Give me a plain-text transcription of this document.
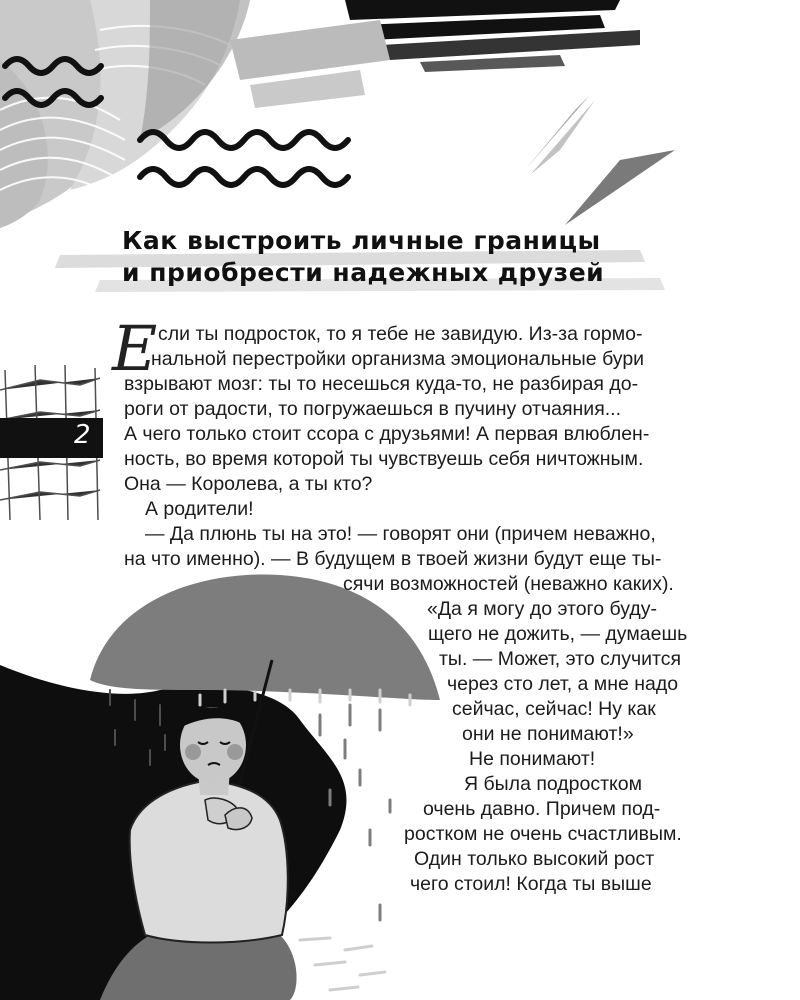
Как выстроить личные границы
и приобрести надежных друзей
2
Е сли ты подросток, то я тебе не завидую. Из-за гормо-
нальной перестройки организма эмоциональные бури
взрывают мозг: ты то несешься куда-то, не разбирая до-
роги от радости, то погружаешься в пучину отчаяния...
А чего только стоит ссора с друзьями! А первая влюблен-
ность, во время которой ты чувствуешь себя ничтожным.
Она — Королева, а ты кто?
А родители!
— Да плюнь ты на это! — говорят они (причем неважно,
на что именно). — В будущем в твоей жизни будут еще ты-
сячи возможностей (неважно каких).
«Да я могу до этого буду-
щего не дожить, — думаешь
ты. — Может, это случится
через сто лет, а мне надо
сейчас, сейчас! Ну как
они не понимают!»
Не понимают!
Я была подростком
очень давно. Причем под-
ростком не очень счастливым.
Один только высокий рост
чего стоил! Когда ты выше
